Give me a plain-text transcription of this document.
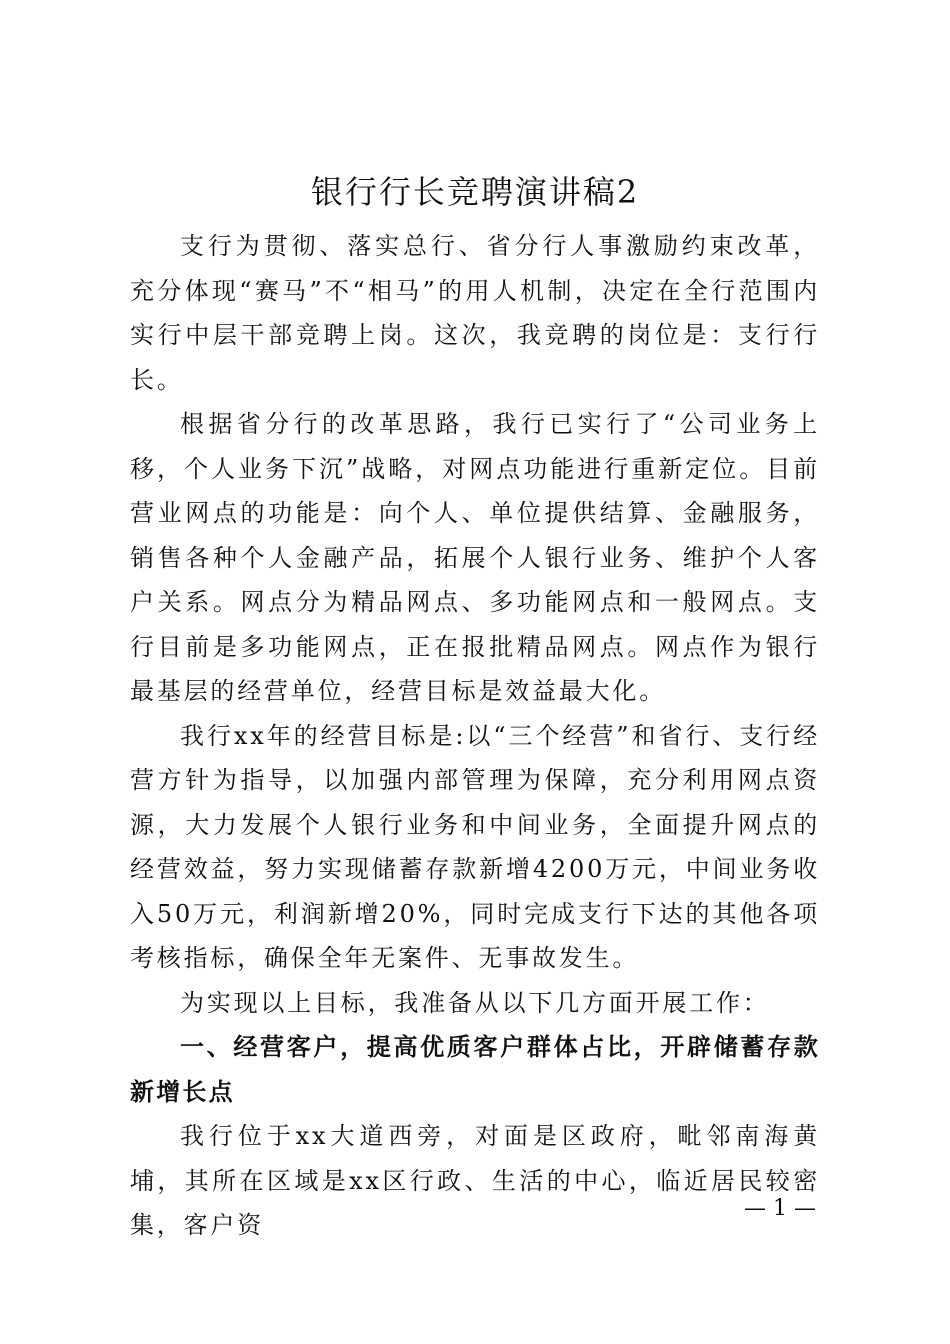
银行行长竞聘演讲稿2

支行为贯彻、落实总行、省分行人事激励约束改革，充分体现“赛马”不“相马”的用人机制，决定在全行范围内实行中层干部竞聘上岗。这次，我竞聘的岗位是：支行行长。

根据省分行的改革思路，我行已实行了“公司业务上移，个人业务下沉”战略，对网点功能进行重新定位。目前营业网点的功能是：向个人、单位提供结算、金融服务，销售各种个人金融产品，拓展个人银行业务、维护个人客户关系。网点分为精品网点、多功能网点和一般网点。支行目前是多功能网点，正在报批精品网点。网点作为银行最基层的经营单位，经营目标是效益最大化。

我行xx年的经营目标是:以“三个经营”和省行、支行经营方针为指导，以加强内部管理为保障，充分利用网点资源，大力发展个人银行业务和中间业务，全面提升网点的经营效益，努力实现储蓄存款新增4200万元，中间业务收入50万元，利润新增20%，同时完成支行下达的其他各项考核指标，确保全年无案件、无事故发生。

为实现以上目标，我准备从以下几方面开展工作：

一、经营客户，提高优质客户群体占比，开辟储蓄存款新增长点

我行位于xx大道西旁，对面是区政府，毗邻南海黄埔，其所在区域是xx区行政、生活的中心，临近居民较密集，客户资

— 1 —
